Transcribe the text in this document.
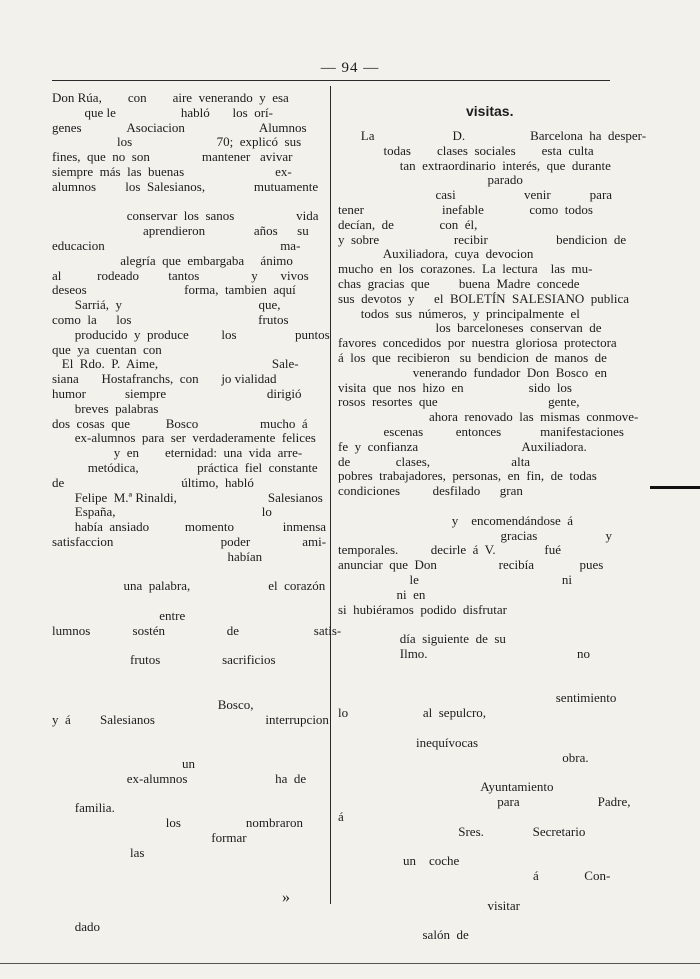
— 94 —
Don Rúa,        con        aire  venerando  y  esa
que le                    habló       los  orí-
genes              Asociacion                       Alumnos
los                          70;  explicó  sus
fines,  que  no  son                mantener   avivar
siempre  más  las  buenas                            ex-
alumnos         los  Salesianos,               mutuamente
conservar  los  sanos                   vida
aprendieron               años      su
educacion                                                      ma-
alegría  que  embargaba     ánimo
al           rodeado         tantos                y       vivos
deseos                              forma,  tambien  aquí
Sarriá,  y                                          que,
como  la      los                                       frutos
producido  y  produce          los                  puntos
que  ya  cuentan  con
El  Rdo.  P.  Aime,                                   Sale-
siana       Hostafranchs,  con       jo vialidad
humor            siempre                               dirigió
breves  palabras
dos  cosas  que           Bosco                   mucho  á
ex-alumnos  para  ser  verdaderamente  felices
y  en        eternidad:  una  vida  arre-
metódica,                  práctica  fiel  constante
de                                    último,  habló
Felipe  M.ª Rinaldi,                            Salesianos
España,                                             lo
había  ansiado           momento               inmensa
satisfaccion                                 poder                ami-
habían
una  palabra,                        el  corazón
entre
lumnos             sostén                   de                       satis-
frutos                   sacrificios
Bosco,
y  á         Salesianos                                  interrupcion
un
ex-alumnos                           ha  de
familia.
los                    nombraron
formar
las
dado
La                        D.                    Barcelona  ha  desper-
todas        clases  sociales        esta  culta
tan  extraordinario  interés,  que  durante
parado
casi                     venir            para
tener                        inefable              como  todos
decían,  de              con  él,
y  sobre                       recibir                     bendicion  de
Auxiliadora,  cuya  devocion
mucho  en  los  corazones.  La  lectura    las  mu-
chas  gracias  que         buena  Madre  concede
sus  devotos  y      el  BOLETÍN  SALESIANO  publica
todos  sus  números,  y  principalmente  el
los  barceloneses  conservan  de
favores  concedidos  por  nuestra  gloriosa  protectora
á  los  que  recibieron   su  bendicion  de  manos  de
venerando  fundador  Don  Bosco  en
visita  que  nos  hizo  en                    sido  los
rosos  resortes  que                                  gente,
ahora  renovado  las  mismas  conmove-
escenas          entonces            manifestaciones
fe  y  confianza                                Auxiliadora.
de              clases,                         alta
pobres  trabajadores,  personas,  en  fin,  de  todas
condiciones          desfilado      gran
y    encomendándose  á
gracias                     y
temporales.          decirle  á  V.               fué
anunciar  que  Don                   recibía              pues
le                                            ni
ni  en
si  hubiéramos  podido  disfrutar
día  siguiente  de  su
Ilmo.                                              no
sentimiento
lo                       al  sepulcro,
inequívocas
obra.
Ayuntamiento
para                        Padre,
á
Sres.               Secretario
un    coche
á              Con-
visitar
salón  de
visitas.
»
